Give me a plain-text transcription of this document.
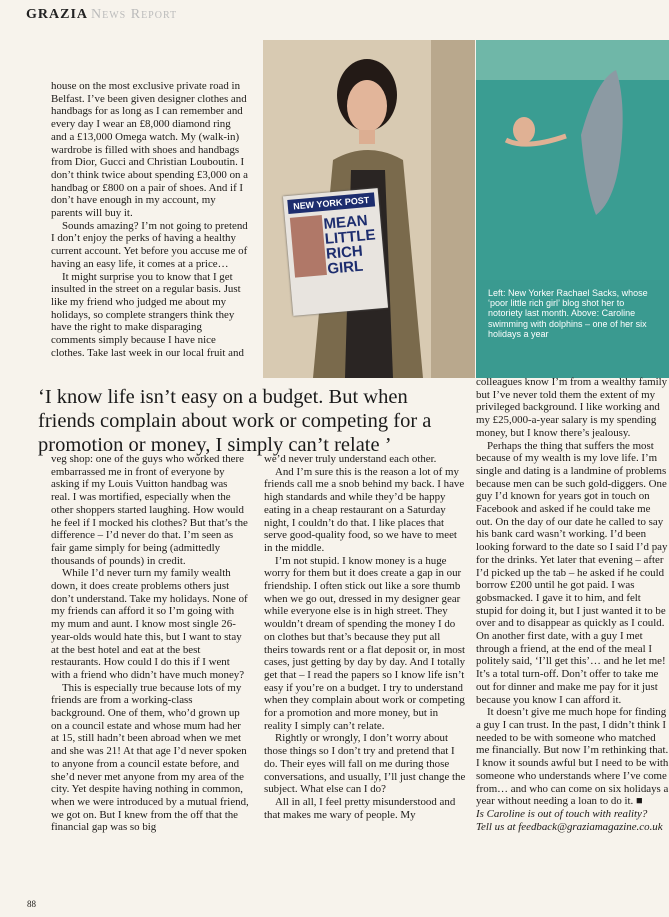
GRAZIA News Report

house on the most exclusive private road in Belfast. I’ve been given designer clothes and handbags for as long as I can remember and every day I wear an £8,000 diamond ring and a £13,000 Omega watch. My (walk-in) wardrobe is filled with shoes and handbags from Dior, Gucci and Christian Louboutin. I don’t think twice about spending £3,000 on a handbag or £800 on a pair of shoes. And if I don’t have enough in my account, my parents will buy it.

Sounds amazing? I’m not going to pretend I don’t enjoy the perks of having a healthy current account. Yet before you accuse me of having an easy life, it comes at a price…

It might surprise you to know that I get insulted in the street on a regular basis. Just like my friend who judged me about my holidays, so complete strangers think they have the right to make disparaging comments simply because I have nice clothes. Take last week in our local fruit and

NEW YORK POST
MEAN LITTLE RICH GIRL
Left: New Yorker Rachael Sacks, whose ‘poor little rich girl’ blog shot her to notoriety last month. Above: Caroline swimming with dolphins – one of her six holidays a year
‘I know life isn’t easy on a budget. But when friends complain about work or competing for a promotion or money, I simply can’t relate ’

veg shop: one of the guys who worked there embarrassed me in front of everyone by asking if my Louis Vuitton handbag was real. I was mortified, especially when the other shoppers started laughing. How would he feel if I mocked his clothes? But that’s the difference – I’d never do that. I’m seen as fair game simply for being (admittedly thousands of pounds) in credit.

While I’d never turn my family wealth down, it does create problems others just don’t understand. Take my holidays. None of my friends can afford it so I’m going with my mum and aunt. I know most single 26-year-olds would hate this, but I want to stay at the best hotel and eat at the best restaurants. How could I do this if I went with a friend who didn’t have much money?

This is especially true because lots of my friends are from a working-class background. One of them, who’d grown up on a council estate and whose mum had her at 15, still hadn’t been abroad when we met and she was 21! At that age I’d never spoken to anyone from a council estate before, and she’d never met anyone from my area of the city. Yet despite having nothing in common, when we were introduced by a mutual friend, we got on. But I knew from the off that the financial gap was so big

we’d never truly understand each other.

And I’m sure this is the reason a lot of my friends call me a snob behind my back. I have high standards and while they’d be happy eating in a cheap restaurant on a Saturday night, I couldn’t do that. I like places that serve good-quality food, so we have to meet in the middle.

I’m not stupid. I know money is a huge worry for them but it does create a gap in our friendship. I often stick out like a sore thumb when we go out, dressed in my designer gear while everyone else is in high street. They wouldn’t dream of spending the money I do on clothes but that’s because they put all theirs towards rent or a flat deposit or, in most cases, just getting by day by day. And I totally get that – I read the papers so I know life isn’t easy if you’re on a budget. I try to understand when they complain about work or competing for a promotion and more money, but in reality I simply can’t relate.

Rightly or wrongly, I don’t worry about those things so I don’t try and pretend that I do. Their eyes will fall on me during those conversations, and usually, I’ll just change the subject. What else can I do?

All in all, I feel pretty misunderstood and that makes me wary of people. My

colleagues know I’m from a wealthy family but I’ve never told them the extent of my privileged background. I like working and my £25,000-a-year salary is my spending money, but I know there’s jealousy.

Perhaps the thing that suffers the most because of my wealth is my love life. I’m single and dating is a landmine of problems because men can be such gold-diggers. One guy I’d known for years got in touch on Facebook and asked if he could take me out. On the day of our date he called to say his bank card wasn’t working. I’d been looking forward to the date so I said I’d pay for the drinks. Yet later that evening – after I’d picked up the tab – he asked if he could borrow £200 until he got paid. I was gobsmacked. I gave it to him, and felt stupid for doing it, but I just wanted it to be over and to disappear as quickly as I could. On another first date, with a guy I met through a friend, at the end of the meal I politely said, ‘I’ll get this’… and he let me! It’s a total turn-off. Don’t offer to take me out for dinner and make me pay for it just because you know I can afford it.

It doesn’t give me much hope for finding a guy I can trust. In the past, I didn’t think I needed to be with someone who matched me financially. But now I’m rethinking that. I know it sounds awful but I need to be with someone who understands where I’ve come from… and who can come on six holidays a year without needing a loan to do it. ■

Is Caroline is out of touch with reality?

Tell us at feedback@graziamagazine.co.uk

88
